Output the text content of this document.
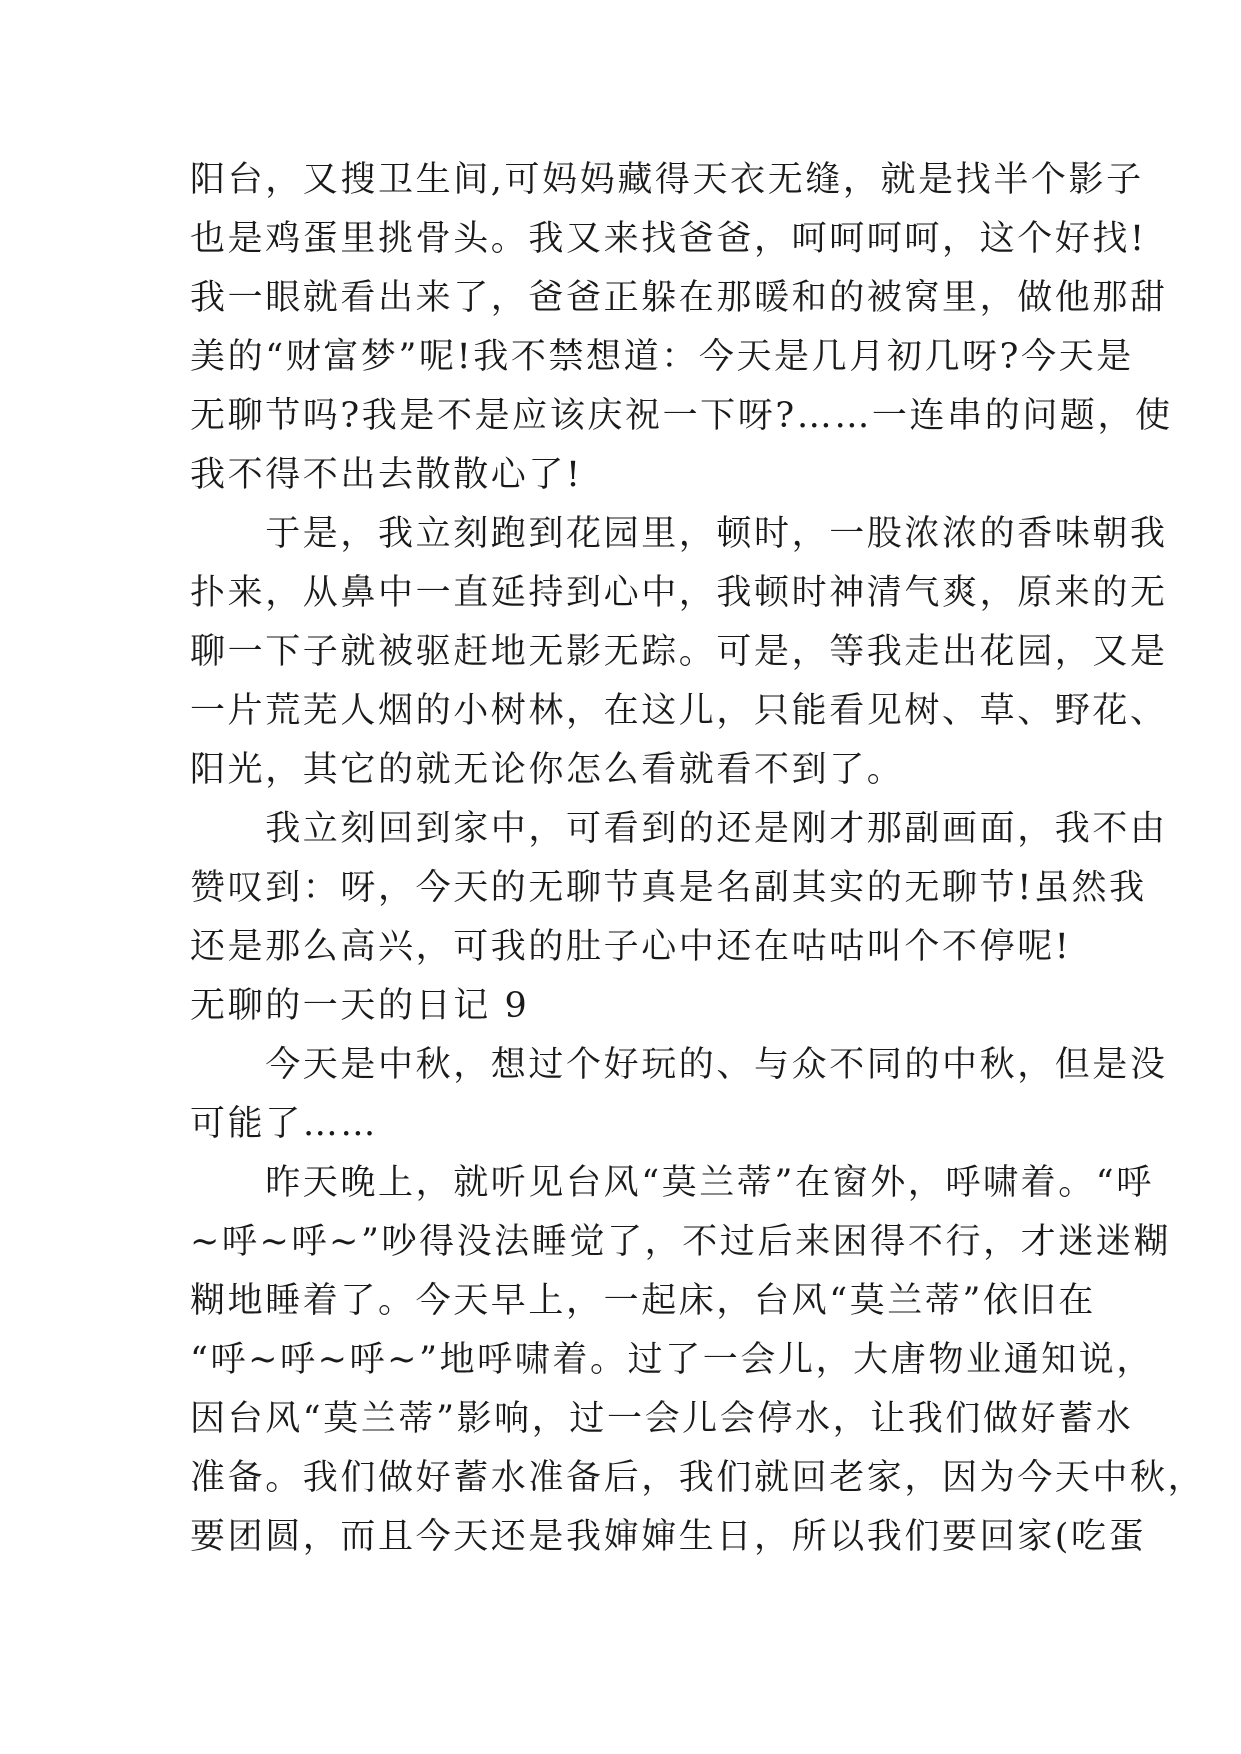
阳台，又搜卫生间,可妈妈藏得天衣无缝，就是找半个影子
也是鸡蛋里挑骨头。我又来找爸爸，呵呵呵呵，这个好找!
我一眼就看出来了，爸爸正躲在那暖和的被窝里，做他那甜
美的“财富梦”呢!我不禁想道：今天是几月初几呀?今天是
无聊节吗?我是不是应该庆祝一下呀?……一连串的问题，使
我不得不出去散散心了!
　　于是，我立刻跑到花园里，顿时，一股浓浓的香味朝我
扑来，从鼻中一直延持到心中，我顿时神清气爽，原来的无
聊一下子就被驱赶地无影无踪。可是，等我走出花园，又是
一片荒芜人烟的小树林，在这儿，只能看见树、草、野花、
阳光，其它的就无论你怎么看就看不到了。
　　我立刻回到家中，可看到的还是刚才那副画面，我不由
赞叹到：呀，今天的无聊节真是名副其实的无聊节!虽然我
还是那么高兴，可我的肚子心中还在咕咕叫个不停呢!
无聊的一天的日记 9
　　今天是中秋，想过个好玩的、与众不同的中秋，但是没
可能了……
　　昨天晚上，就听见台风“莫兰蒂”在窗外，呼啸着。“呼
~呼~呼~”吵得没法睡觉了，不过后来困得不行，才迷迷糊
糊地睡着了。今天早上，一起床，台风“莫兰蒂”依旧在
“呼~呼~呼~”地呼啸着。过了一会儿，大唐物业通知说，
因台风“莫兰蒂”影响，过一会儿会停水，让我们做好蓄水
准备。我们做好蓄水准备后，我们就回老家，因为今天中秋，
要团圆，而且今天还是我婶婶生日，所以我们要回家(吃蛋
